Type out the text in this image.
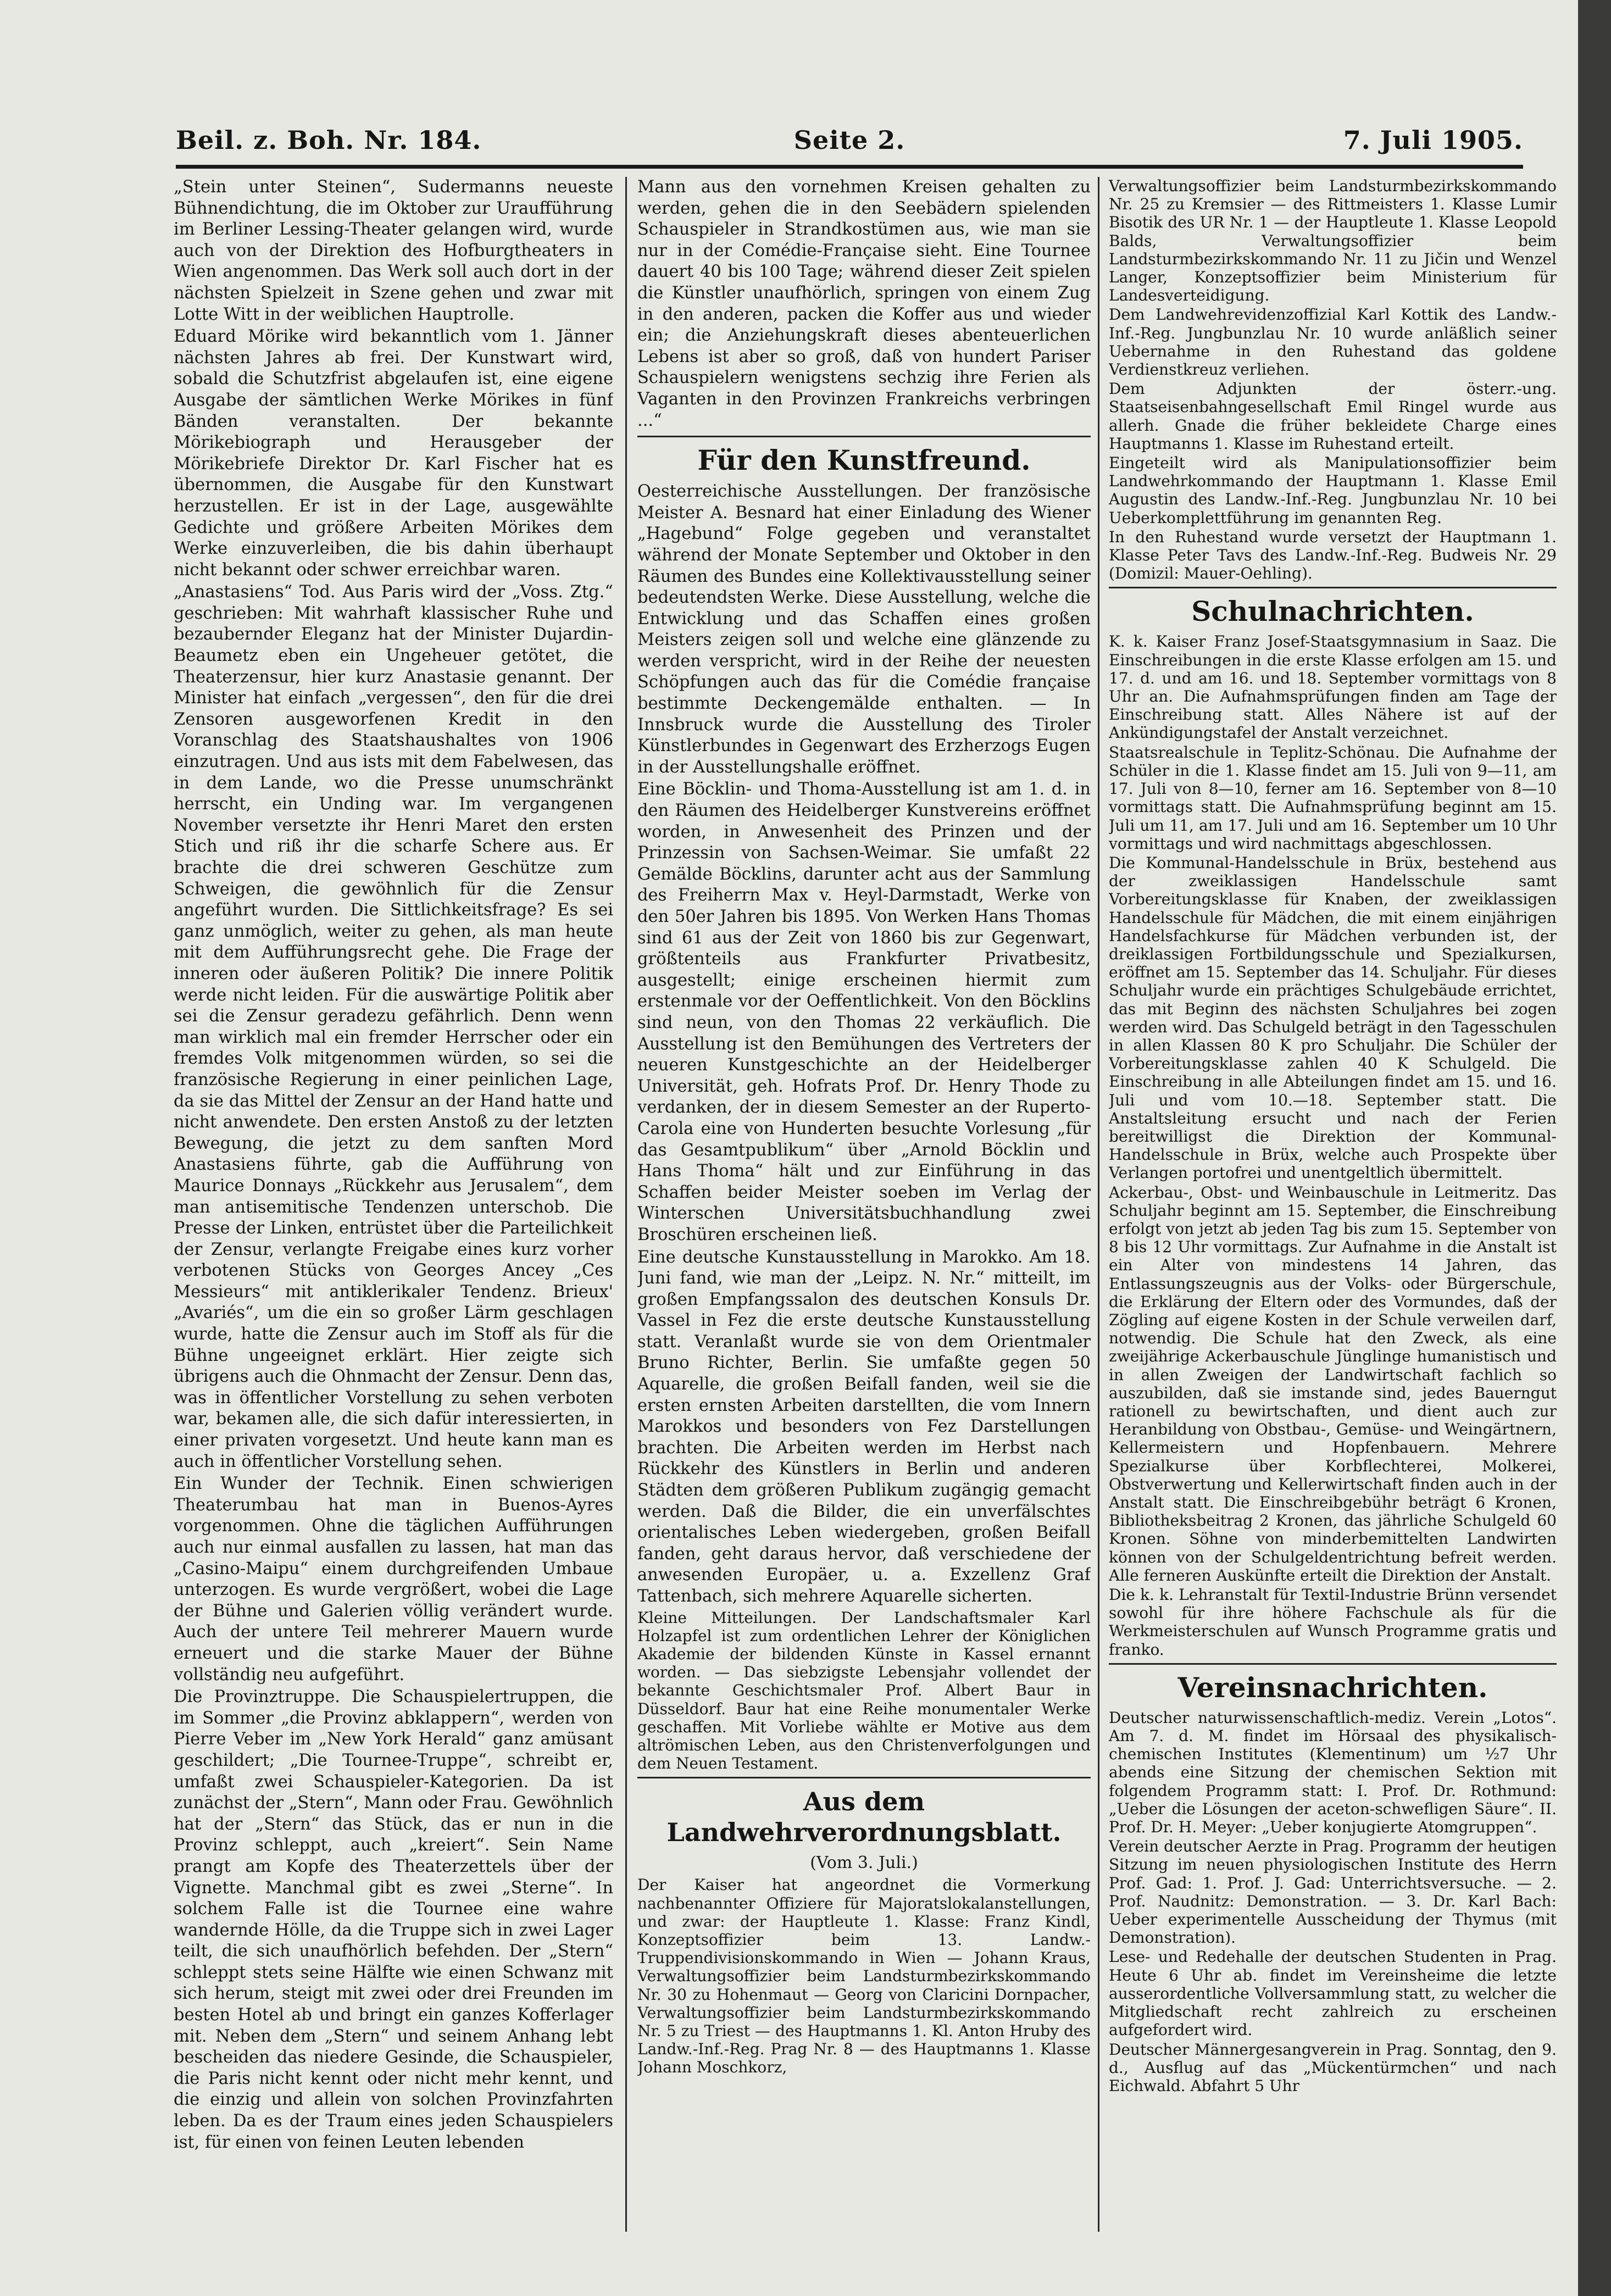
Beil. z. Boh. Nr. 184.	Seite 2.	7. Juli 1905.

„Stein unter Steinen“, Sudermanns neueste Bühnendichtung, die im Oktober zur Uraufführung im Berliner Lessing-Theater gelangen wird, wurde auch von der Direktion des Hofburgtheaters in Wien angenommen. Das Werk soll auch dort in der nächsten Spielzeit in Szene gehen und zwar mit Lotte Witt in der weiblichen Hauptrolle.

Eduard Mörike wird bekanntlich vom 1. Jänner nächsten Jahres ab frei. Der Kunstwart wird, sobald die Schutzfrist abgelaufen ist, eine eigene Ausgabe der sämtlichen Werke Mörikes in fünf Bänden veranstalten. Der bekannte Mörikebiograph und Herausgeber der Mörikebriefe Direktor Dr. Karl Fischer hat es übernommen, die Ausgabe für den Kunstwart herzustellen. Er ist in der Lage, ausgewählte Gedichte und größere Arbeiten Mörikes dem Werke einzuverleiben, die bis dahin überhaupt nicht bekannt oder schwer erreichbar waren.

„Anastasiens“ Tod. Aus Paris wird der „Voss. Ztg.“ geschrieben: Mit wahrhaft klassischer Ruhe und bezaubernder Eleganz hat der Minister Dujardin-Beaumetz eben ein Ungeheuer getötet, die Theaterzensur, hier kurz Anastasie genannt. Der Minister hat einfach „vergessen“, den für die drei Zensoren ausgeworfenen Kredit in den Voranschlag des Staatshaushaltes von 1906 einzutragen. Und aus ists mit dem Fabelwesen, das in dem Lande, wo die Presse unumschränkt herrscht, ein Unding war. Im vergangenen November versetzte ihr Henri Maret den ersten Stich und riß ihr die scharfe Schere aus. Er brachte die drei schweren Geschütze zum Schweigen, die gewöhnlich für die Zensur angeführt wurden. Die Sittlichkeitsfrage? Es sei ganz unmöglich, weiter zu gehen, als man heute mit dem Aufführungsrecht gehe. Die Frage der inneren oder äußeren Politik? Die innere Politik werde nicht leiden. Für die auswärtige Politik aber sei die Zensur geradezu gefährlich. Denn wenn man wirklich mal ein fremder Herrscher oder ein fremdes Volk mitgenommen würden, so sei die französische Regierung in einer peinlichen Lage, da sie das Mittel der Zensur an der Hand hatte und nicht anwendete. Den ersten Anstoß zu der letzten Bewegung, die jetzt zu dem sanften Mord Anastasiens führte, gab die Aufführung von Maurice Donnays „Rückkehr aus Jerusalem“, dem man antisemitische Tendenzen unterschob. Die Presse der Linken, entrüstet über die Parteilichkeit der Zensur, verlangte Freigabe eines kurz vorher verbotenen Stücks von Georges Ancey „Ces Messieurs“ mit antiklerikaler Tendenz. Brieux' „Avariés“, um die ein so großer Lärm geschlagen wurde, hatte die Zensur auch im Stoff als für die Bühne ungeeignet erklärt. Hier zeigte sich übrigens auch die Ohnmacht der Zensur. Denn das, was in öffentlicher Vorstellung zu sehen verboten war, bekamen alle, die sich dafür interessierten, in einer privaten vorgesetzt. Und heute kann man es auch in öffentlicher Vorstellung sehen.

Ein Wunder der Technik. Einen schwierigen Theaterumbau hat man in Buenos-Ayres vorgenommen. Ohne die täglichen Aufführungen auch nur einmal ausfallen zu lassen, hat man das „Casino-Maipu“ einem durchgreifenden Umbaue unterzogen. Es wurde vergrößert, wobei die Lage der Bühne und Galerien völlig verändert wurde. Auch der untere Teil mehrerer Mauern wurde erneuert und die starke Mauer der Bühne vollständig neu aufgeführt.

Die Provinztruppe. Die Schauspielertruppen, die im Sommer „die Provinz abklappern“, werden von Pierre Veber im „New York Herald“ ganz amüsant geschildert; „Die Tournee-Truppe“, schreibt er, umfaßt zwei Schauspieler-Kategorien. Da ist zunächst der „Stern“, Mann oder Frau. Gewöhnlich hat der „Stern“ das Stück, das er nun in die Provinz schleppt, auch „kreiert“. Sein Name prangt am Kopfe des Theaterzettels über der Vignette. Manchmal gibt es zwei „Sterne“. In solchem Falle ist die Tournee eine wahre wandernde Hölle, da die Truppe sich in zwei Lager teilt, die sich unaufhörlich befehden. Der „Stern“ schleppt stets seine Hälfte wie einen Schwanz mit sich herum, steigt mit zwei oder drei Freunden im besten Hotel ab und bringt ein ganzes Kofferlager mit. Neben dem „Stern“ und seinem Anhang lebt bescheiden das niedere Gesinde, die Schauspieler, die Paris nicht kennt oder nicht mehr kennt, und die einzig und allein von solchen Provinzfahrten leben. Da es der Traum eines jeden Schauspielers ist, für einen von feinen Leuten lebenden

Mann aus den vornehmen Kreisen gehalten zu werden, gehen die in den Seebädern spielenden Schauspieler in Strandkostümen aus, wie man sie nur in der Comédie-Française sieht. Eine Tournee dauert 40 bis 100 Tage; während dieser Zeit spielen die Künstler unaufhörlich, springen von einem Zug in den anderen, packen die Koffer aus und wieder ein; die Anziehungskraft dieses abenteuerlichen Lebens ist aber so groß, daß von hundert Pariser Schauspielern wenigstens sechzig ihre Ferien als Vaganten in den Provinzen Frankreichs verbringen ...“

Für den Kunstfreund.

Oesterreichische Ausstellungen. Der französische Meister A. Besnard hat einer Einladung des Wiener „Hagebund“ Folge gegeben und veranstaltet während der Monate September und Oktober in den Räumen des Bundes eine Kollektivausstellung seiner bedeutendsten Werke. Diese Ausstellung, welche die Entwicklung und das Schaffen eines großen Meisters zeigen soll und welche eine glänzende zu werden verspricht, wird in der Reihe der neuesten Schöpfungen auch das für die Comédie française bestimmte Deckengemälde enthalten. — In Innsbruck wurde die Ausstellung des Tiroler Künstlerbundes in Gegenwart des Erzherzogs Eugen in der Ausstellungshalle eröffnet.

Eine Böcklin- und Thoma-Ausstellung ist am 1. d. in den Räumen des Heidelberger Kunstvereins eröffnet worden, in Anwesenheit des Prinzen und der Prinzessin von Sachsen-Weimar. Sie umfaßt 22 Gemälde Böcklins, darunter acht aus der Sammlung des Freiherrn Max v. Heyl-Darmstadt, Werke von den 50er Jahren bis 1895. Von Werken Hans Thomas sind 61 aus der Zeit von 1860 bis zur Gegenwart, größtenteils aus Frankfurter Privatbesitz, ausgestellt; einige erscheinen hiermit zum erstenmale vor der Oeffentlichkeit. Von den Böcklins sind neun, von den Thomas 22 verkäuflich. Die Ausstellung ist den Bemühungen des Vertreters der neueren Kunstgeschichte an der Heidelberger Universität, geh. Hofrats Prof. Dr. Henry Thode zu verdanken, der in diesem Semester an der Ruperto-Carola eine von Hunderten besuchte Vorlesung „für das Gesamtpublikum“ über „Arnold Böcklin und Hans Thoma“ hält und zur Einführung in das Schaffen beider Meister soeben im Verlag der Winterschen Universitätsbuchhandlung zwei Broschüren erscheinen ließ.

Eine deutsche Kunstausstellung in Marokko. Am 18. Juni fand, wie man der „Leipz. N. Nr.“ mitteilt, im großen Empfangssalon des deutschen Konsuls Dr. Vassel in Fez die erste deutsche Kunstausstellung statt. Veranlaßt wurde sie von dem Orientmaler Bruno Richter, Berlin. Sie umfaßte gegen 50 Aquarelle, die großen Beifall fanden, weil sie die ersten ernsten Arbeiten darstellten, die vom Innern Marokkos und besonders von Fez Darstellungen brachten. Die Arbeiten werden im Herbst nach Rückkehr des Künstlers in Berlin und anderen Städten dem größeren Publikum zugängig gemacht werden. Daß die Bilder, die ein unverfälschtes orientalisches Leben wiedergeben, großen Beifall fanden, geht daraus hervor, daß verschiedene der anwesenden Europäer, u. a. Exzellenz Graf Tattenbach, sich mehrere Aquarelle sicherten.

Kleine Mitteilungen. Der Landschaftsmaler Karl Holzapfel ist zum ordentlichen Lehrer der Königlichen Akademie der bildenden Künste in Kassel ernannt worden. — Das siebzigste Lebensjahr vollendet der bekannte Geschichtsmaler Prof. Albert Baur in Düsseldorf. Baur hat eine Reihe monumentaler Werke geschaffen. Mit Vorliebe wählte er Motive aus dem altrömischen Leben, aus den Christenverfolgungen und dem Neuen Testament.

Aus dem Landwehrverordnungsblatt.
(Vom 3. Juli.)

Der Kaiser hat angeordnet die Vormerkung nachbenannter Offiziere für Majoratslokalanstellungen, und zwar: der Hauptleute 1. Klasse: Franz Kindl, Konzeptsoffizier beim 13. Landw.-Truppendivisionskommando in Wien — Johann Kraus, Verwaltungsoffizier beim Landsturmbezirkskommando Nr. 30 zu Hohenmaut — Georg von Claricini Dornpacher, Verwaltungsoffizier beim Landsturmbezirkskommando Nr. 5 zu Triest — des Hauptmanns 1. Kl. Anton Hruby des Landw.-Inf.-Reg. Prag Nr. 8 — des Hauptmanns 1. Klasse Johann Moschkorz,

Verwaltungsoffizier beim Landsturmbezirkskommando Nr. 25 zu Kremsier — des Rittmeisters 1. Klasse Lumir Bisotik des UR Nr. 1 — der Hauptleute 1. Klasse Leopold Balds, Verwaltungsoffizier beim Landsturmbezirkskommando Nr. 11 zu Jičin und Wenzel Langer, Konzeptsoffizier beim Ministerium für Landesverteidigung.

Dem Landwehrevidenzoffizial Karl Kottik des Landw.-Inf.-Reg. Jungbunzlau Nr. 10 wurde anläßlich seiner Uebernahme in den Ruhestand das goldene Verdienstkreuz verliehen.

Dem Adjunkten der österr.-ung. Staatseisenbahngesellschaft Emil Ringel wurde aus allerh. Gnade die früher bekleidete Charge eines Hauptmanns 1. Klasse im Ruhestand erteilt.

Eingeteilt wird als Manipulationsoffizier beim Landwehrkommando der Hauptmann 1. Klasse Emil Augustin des Landw.-Inf.-Reg. Jungbunzlau Nr. 10 bei Ueberkomplettführung im genannten Reg.

In den Ruhestand wurde versetzt der Hauptmann 1. Klasse Peter Tavs des Landw.-Inf.-Reg. Budweis Nr. 29 (Domizil: Mauer-Oehling).

Schulnachrichten.

K. k. Kaiser Franz Josef-Staatsgymnasium in Saaz. Die Einschreibungen in die erste Klasse erfolgen am 15. und 17. d. und am 16. und 18. September vormittags von 8 Uhr an. Die Aufnahmsprüfungen finden am Tage der Einschreibung statt. Alles Nähere ist auf der Ankündigungstafel der Anstalt verzeichnet.

Staatsrealschule in Teplitz-Schönau. Die Aufnahme der Schüler in die 1. Klasse findet am 15. Juli von 9—11, am 17. Juli von 8—10, ferner am 16. September von 8—10 vormittags statt. Die Aufnahmsprüfung beginnt am 15. Juli um 11, am 17. Juli und am 16. September um 10 Uhr vormittags und wird nachmittags abgeschlossen.

Die Kommunal-Handelsschule in Brüx, bestehend aus der zweiklassigen Handelsschule samt Vorbereitungsklasse für Knaben, der zweiklassigen Handelsschule für Mädchen, die mit einem einjährigen Handelsfachkurse für Mädchen verbunden ist, der dreiklassigen Fortbildungsschule und Spezialkursen, eröffnet am 15. September das 14. Schuljahr. Für dieses Schuljahr wurde ein prächtiges Schulgebäude errichtet, das mit Beginn des nächsten Schuljahres bei zogen werden wird. Das Schulgeld beträgt in den Tagesschulen in allen Klassen 80 K pro Schuljahr. Die Schüler der Vorbereitungsklasse zahlen 40 K Schulgeld. Die Einschreibung in alle Abteilungen findet am 15. und 16. Juli und vom 10.—18. September statt. Die Anstaltsleitung ersucht und nach der Ferien bereitwilligst die Direktion der Kommunal-Handelsschule in Brüx, welche auch Prospekte über Verlangen portofrei und unentgeltlich übermittelt.

Ackerbau-, Obst- und Weinbauschule in Leitmeritz. Das Schuljahr beginnt am 15. September, die Einschreibung erfolgt von jetzt ab jeden Tag bis zum 15. September von 8 bis 12 Uhr vormittags. Zur Aufnahme in die Anstalt ist ein Alter von mindestens 14 Jahren, das Entlassungszeugnis aus der Volks- oder Bürgerschule, die Erklärung der Eltern oder des Vormundes, daß der Zögling auf eigene Kosten in der Schule verweilen darf, notwendig. Die Schule hat den Zweck, als eine zweijährige Ackerbauschule Jünglinge humanistisch und in allen Zweigen der Landwirtschaft fachlich so auszubilden, daß sie imstande sind, jedes Bauerngut rationell zu bewirtschaften, und dient auch zur Heranbildung von Obstbau-, Gemüse- und Weingärtnern, Kellermeistern und Hopfenbauern. Mehrere Spezialkurse über Korbflechterei, Molkerei, Obstverwertung und Kellerwirtschaft finden auch in der Anstalt statt. Die Einschreibgebühr beträgt 6 Kronen, Bibliotheksbeitrag 2 Kronen, das jährliche Schulgeld 60 Kronen. Söhne von minderbemittelten Landwirten können von der Schulgeldentrichtung befreit werden. Alle ferneren Auskünfte erteilt die Direktion der Anstalt.

Die k. k. Lehranstalt für Textil-Industrie Brünn versendet sowohl für ihre höhere Fachschule als für die Werkmeisterschulen auf Wunsch Programme gratis und franko.

Vereinsnachrichten.

Deutscher naturwissenschaftlich-mediz. Verein „Lotos“. Am 7. d. M. findet im Hörsaal des physikalisch-chemischen Institutes (Klementinum) um ½7 Uhr abends eine Sitzung der chemischen Sektion mit folgendem Programm statt: I. Prof. Dr. Rothmund: „Ueber die Lösungen der aceton-schwefligen Säure“. II. Prof. Dr. H. Meyer: „Ueber konjugierte Atomgruppen“.

Verein deutscher Aerzte in Prag. Programm der heutigen Sitzung im neuen physiologischen Institute des Herrn Prof. Gad: 1. Prof. J. Gad: Unterrichtsversuche. — 2. Prof. Naudnitz: Demonstration. — 3. Dr. Karl Bach: Ueber experimentelle Ausscheidung der Thymus (mit Demonstration).

Lese- und Redehalle der deutschen Studenten in Prag. Heute 6 Uhr ab. findet im Vereinsheime die letzte ausserordentliche Vollversammlung statt, zu welcher die Mitgliedschaft recht zahlreich zu erscheinen aufgefordert wird.

Deutscher Männergesangverein in Prag. Sonntag, den 9. d., Ausflug auf das „Mückentürmchen“ und nach Eichwald. Abfahrt 5 Uhr
